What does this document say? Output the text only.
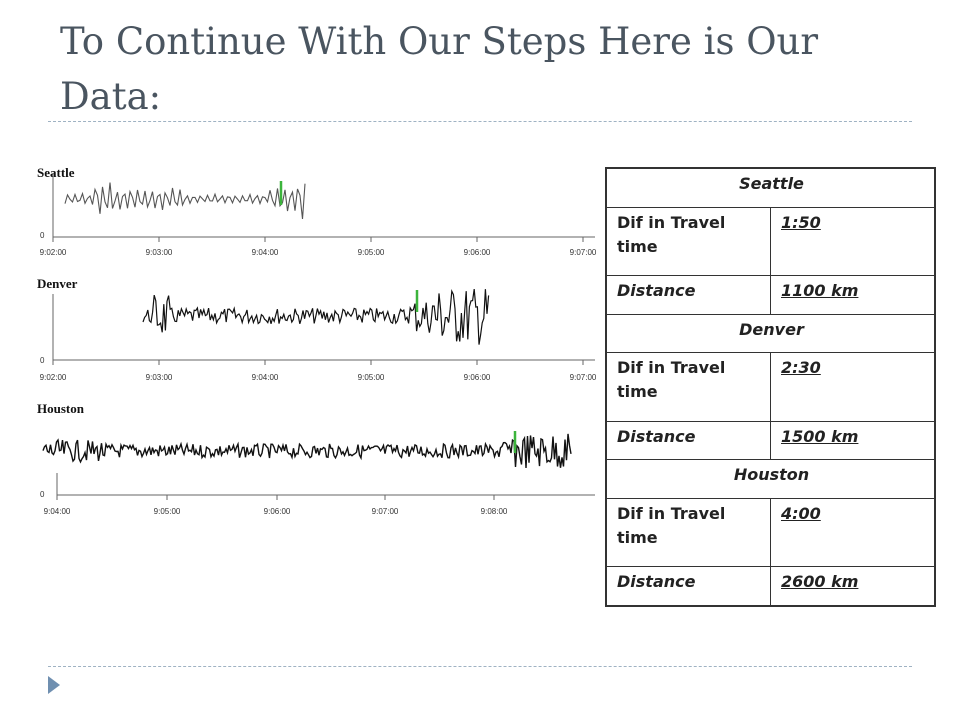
To Continue With Our Steps Here is Our Data:
Seattle
0
9:02:00	9:03:00	9:04:00	9:05:00	9:06:00	9:07:00
Denver
0
9:02:00	9:03:00	9:04:00	9:05:00	9:06:00	9:07:00
Houston
0
9:04:00	9:05:00	9:06:00	9:07:00	9:08:00
Seattle	
Dif in Travel time	1:50
Distance	1100 km
Denver	
Dif in Travel time	2:30
Distance	1500 km
Houston	
Dif in Travel time	4:00
Distance	2600 km
